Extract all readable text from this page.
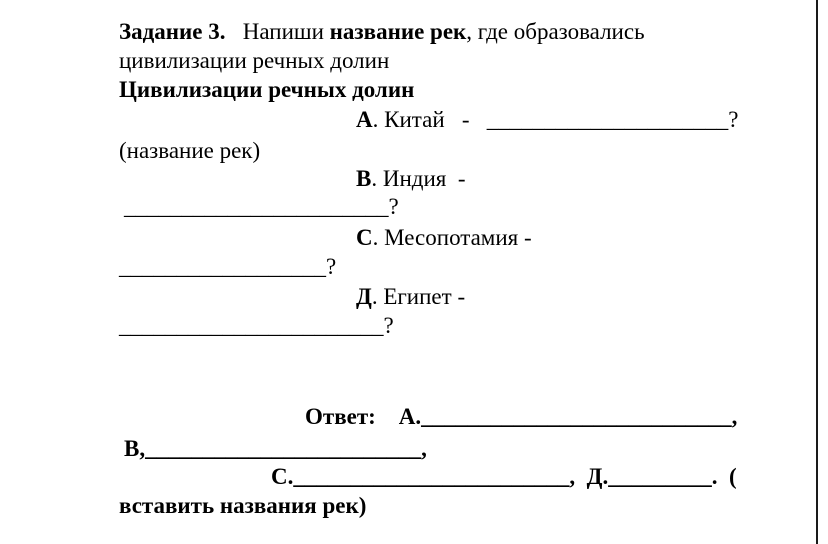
Задание 3. Напиши название рек, где образовались
цивилизации речных долин
Цивилизации речных долин
А. Китай   -   _____________________?
(название рек)
В. Индия  -
_______________________?
С. Месопотамия -
__________________?
Д. Египет -
_______________________?
Ответ: А.___________________________,
В,________________________,
С.________________________, Д._________. (
вставить названия рек)
